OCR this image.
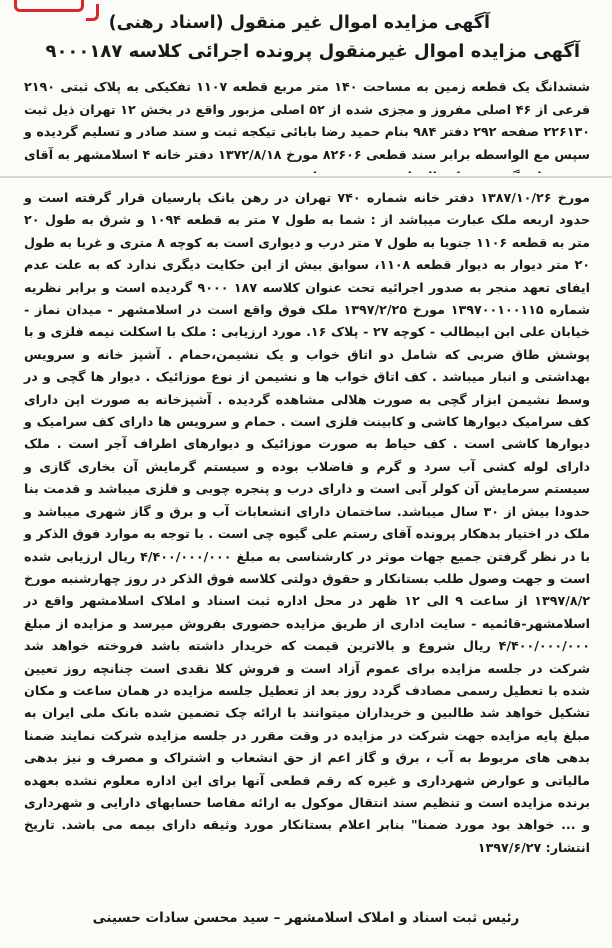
آگهی مزایده اموال غیر منقول (اسناد رهنی)
آگهی مزایده اموال غیرمنقول پرونده اجرائی کلاسه ۹۰۰۰۱۸۷

ششدانگ یک قطعه زمین به مساحت ۱۴۰ متر مربع قطعه ۱۱۰۷ تفکیکی به پلاک ثبتی ۲۱۹۰ فرعی از ۴۶ اصلی مفروز و مجزی شده از ۵۲ اصلی مزبور واقع در بخش ۱۲ تهران ذیل ثبت ۲۲۶۱۳۰ صفحه ۲۹۲ دفتر ۹۸۴ بنام حمید رضا بابائی تیکجه ثبت و سند صادر و تسلیم گردیده و سپس مع الواسطه برابر سند قطعی ۸۲۶۰۶ مورخ ۱۳۷۲/۸/۱۸ دفتر خانه ۴ اسلامشهر به آقای

مورخ ۱۳۸۷/۱۰/۲۶ دفتر خانه شماره ۷۴۰ تهران در رهن بانک پارسیان قرار گرفته است و حدود اربعه ملک عبارت میباشد از : شما به طول ۷ متر به قطعه ۱۰۹۴ و شرق به طول ۲۰ متر به قطعه ۱۱۰۶ جنوبا به طول ۷ متر درب و دیواری است به کوچه ۸ متری و غربا به طول ۲۰ متر دیوار به دیوار قطعه ۱۱۰۸، سوابق بیش از این حکایت دیگری ندارد که به علت عدم ایفای تعهد منجر به صدور اجرائیه تحت عنوان کلاسه ۱۸۷ ۹۰۰۰ گردیده است و برابر نظریه شماره ۱۳۹۷۰۰۱۰۰۱۱۵ مورخ ۱۳۹۷/۲/۲۵ ملک فوق واقع است در اسلامشهر - میدان نماز - خیابان علی ابن ابیطالب - کوچه ۲۷ - پلاک ۱۶. مورد ارزیابی : ملک با اسکلت نیمه فلزی و با پوشش طاق ضربی که شامل دو اتاق خواب و یک نشیمن،حمام . آشپز خانه و سرویس بهداشتی و انبار میباشد . کف اتاق خواب ها و نشیمن از نوع موزائیک . دیوار ها گچی و در وسط نشیمن ابزار گچی به صورت هلالی مشاهده گردیده . آشپزخانه به صورت اپن دارای کف سرامیک دیوارها کاشی و کابینت فلزی است . حمام و سرویس ها دارای کف سرامیک و دیوارها کاشی است . کف حیاط به صورت موزائیک و دیوارهای اطراف آجر است . ملک دارای لوله کشی آب سرد و گرم و فاضلاب بوده و سیستم گرمایش آن بخاری گازی و سیستم سرمایش آن کولر آبی است و دارای درب و پنجره چوبی و فلزی میباشد و قدمت بنا حدودا بیش از ۳۰ سال میباشد. ساختمان دارای انشعابات آب و برق و گاز شهری میباشد و ملک در اختیار بدهکار پرونده آقای رستم علی گیوه چی است . با توجه به موارد فوق الذکر و با در نظر گرفتن جمیع جهات موثر در کارشناسی به مبلغ ۴/۴۰۰/۰۰۰/۰۰۰ ریال ارزیابی شده است و جهت وصول طلب بستانکار و حقوق دولتی کلاسه فوق الذکر در روز چهارشنبه مورخ ۱۳۹۷/۸/۲ از ساعت ۹ الی ۱۲ ظهر در محل اداره ثبت اسناد و املاک اسلامشهر واقع در اسلامشهر-قائمیه - سایت اداری از طریق مزایده حضوری بفروش میرسد و مزایده از مبلغ ۴/۴۰۰/۰۰۰/۰۰۰ ریال شروع و بالاترین قیمت که خریدار داشته باشد فروخته خواهد شد شرکت در جلسه مزایده برای عموم آزاد است و فروش کلا نقدی است چنانچه روز تعیین شده با تعطیل رسمی مصادف گردد روز بعد از تعطیل جلسه مزایده در همان ساعت و مکان تشکیل خواهد شد طالبین و خریداران میتوانند با ارائه چک تضمین شده بانک ملی ایران به مبلغ پایه مزایده جهت شرکت در مزایده در وقت مقرر در جلسه مزایده شرکت نمایند ضمنا بدهی های مربوط به آب ، برق و گاز اعم از حق انشعاب و اشتراک و مصرف و نیز بدهی مالیاتی و عوارض شهرداری و غیره که رقم قطعی آنها برای این اداره معلوم نشده بعهده برنده مزایده است و تنظیم سند انتقال موکول به ارائه مفاصا حسابهای دارایی و شهرداری و ... خواهد بود مورد ضمنا" بنابر اعلام بستانکار مورد وثیقه دارای بیمه می باشد. تاریخ انتشار: ۱۳۹۷/۶/۲۷

رئیس ثبت اسناد و املاک اسلامشهر – سید محسن سادات حسینی
